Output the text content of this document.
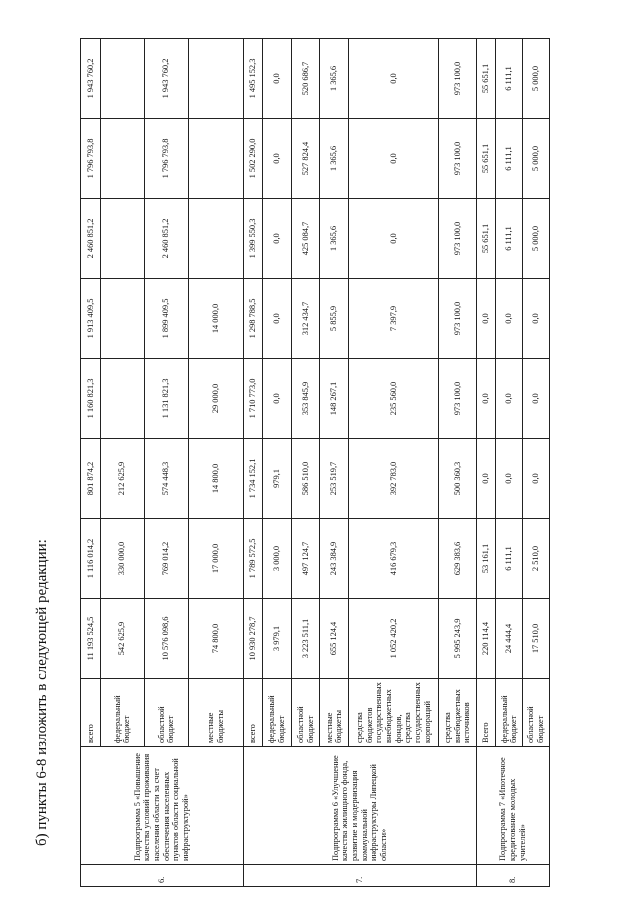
б) пункты 6-8 изложить в следующей редакции:
6.	Подпрограмма 5 «Повышение качества условий проживания населения области за счет обеспечения населенных пунктов области социальной инфраструктурой»	всего	11 193 524,5	1 116 014,2	801 874,2	1 160 821,3	1 913 409,5	2 460 851,2	1 796 793,8	1 943 760,2
		федеральный бюджет	542 625,9	330 000,0	212 625,9					
		областной бюджет	10 576 098,6	769 014,2	574 448,3	1 131 821,3	1 899 409,5	2 460 851,2	1 796 793,8	1 943 760,2
		местные бюджеты	74 800,0	17 000,0	14 800,0	29 000,0	14 000,0			
7.	Подпрограмма 6 «Улучшение качества жилищного фонда, развитие и модернизация коммунальной инфраструктуры Липецкой области»	всего	10 930 278,7	1 789 572,5	1 734 152,1	1 710 773,0	1 298 788,5	1 399 550,3	1 502 290,0	1 495 152,3
		федеральный бюджет	3 979,1	3 000,0	979,1	0,0	0,0	0,0	0,0	0,0
		областной бюджет	3 223 511,1	497 124,7	586 510,0	353 845,9	312 434,7	425 084,7	527 824,4	520 686,7
		местные бюджеты	655 124,4	243 384,9	253 519,7	148 267,1	5 855,9	1 365,6	1 365,6	1 365,6
		средства бюджетов государственных внебюджетных фондов, средства государственных корпораций	1 052 420,2	416 679,3	392 783,0	235 560,0	7 397,9	0,0	0,0	0,0
		средства внебюджетных источников	5 995 243,9	629 383,6	500 360,3	973 100,0	973 100,0	973 100,0	973 100,0	973 100,0
8.	Подпрограмма 7 «Ипотечное кредитование молодых учителей»	Всего	220 114,4	53 161,1	0,0	0,0	0,0	55 651,1	55 651,1	55 651,1
		федеральный бюджет	24 444,4	6 111,1	0,0	0,0	0,0	6 111,1	6 111,1	6 111,1
		областной бюджет	17 510,0	2 510,0	0,0	0,0	0,0	5 000,0	5 000,0	5 000,0
